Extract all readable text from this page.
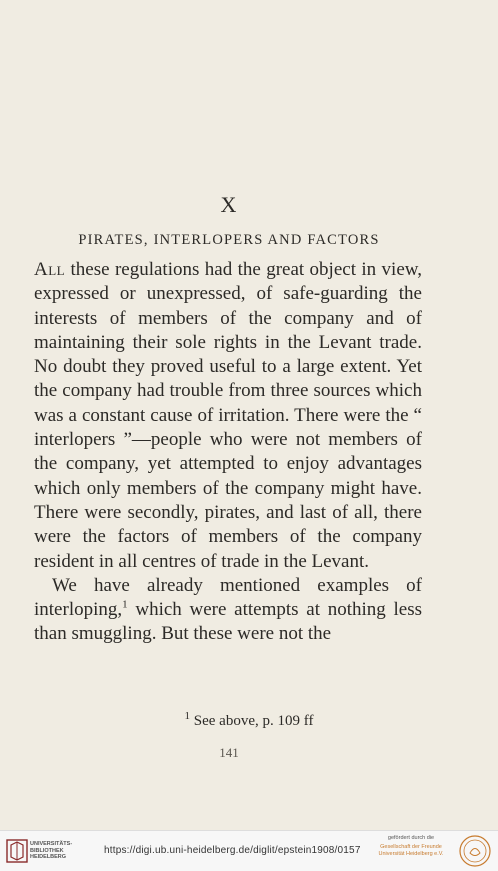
X
PIRATES, INTERLOPERS AND FACTORS

All these regulations had the great object in view, expressed or unexpressed, of safe-guarding the interests of members of the company and of maintaining their sole rights in the Levant trade. No doubt they proved useful to a large extent. Yet the company had trouble from three sources which was a constant cause of irritation. There were the “ interlopers ”—people who were not members of the company, yet attempted to enjoy advantages which only members of the company might have. There were secondly, pirates, and last of all, there were the factors of members of the company resident in all centres of trade in the Levant.

We have already mentioned examples of interloping,$^1$ which were attempts at nothing less than smuggling. But these were not the

$^1$ See above, p. 109 ff
141
UNIVERSITÄTS-
BIBLIOTHEK
HEIDELBERG
https://digi.ub.uni-heidelberg.de/diglit/epstein1908/0157
gefördert durch die
Gesellschaft der Freunde
Universität Heidelberg e.V.
